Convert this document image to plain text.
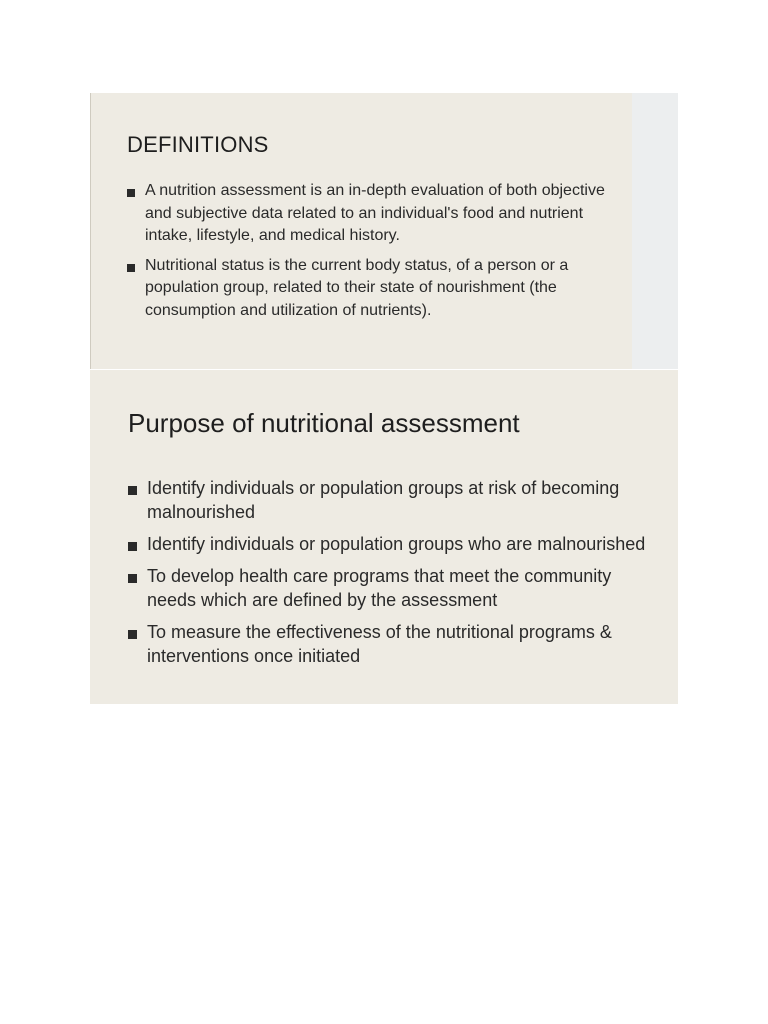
DEFINITIONS
A nutrition assessment is an in-depth evaluation of both objective and subjective data related to an individual's food and nutrient intake, lifestyle, and medical history.
Nutritional status is the current body status, of a person or a population group, related to their state of nourishment (the consumption and utilization of nutrients).
Purpose of nutritional assessment
Identify individuals or population groups at risk of becoming malnourished
Identify individuals or population groups who are malnourished
To develop health care programs that meet the community needs which are defined by the assessment
To measure the effectiveness of the nutritional programs & interventions once initiated
